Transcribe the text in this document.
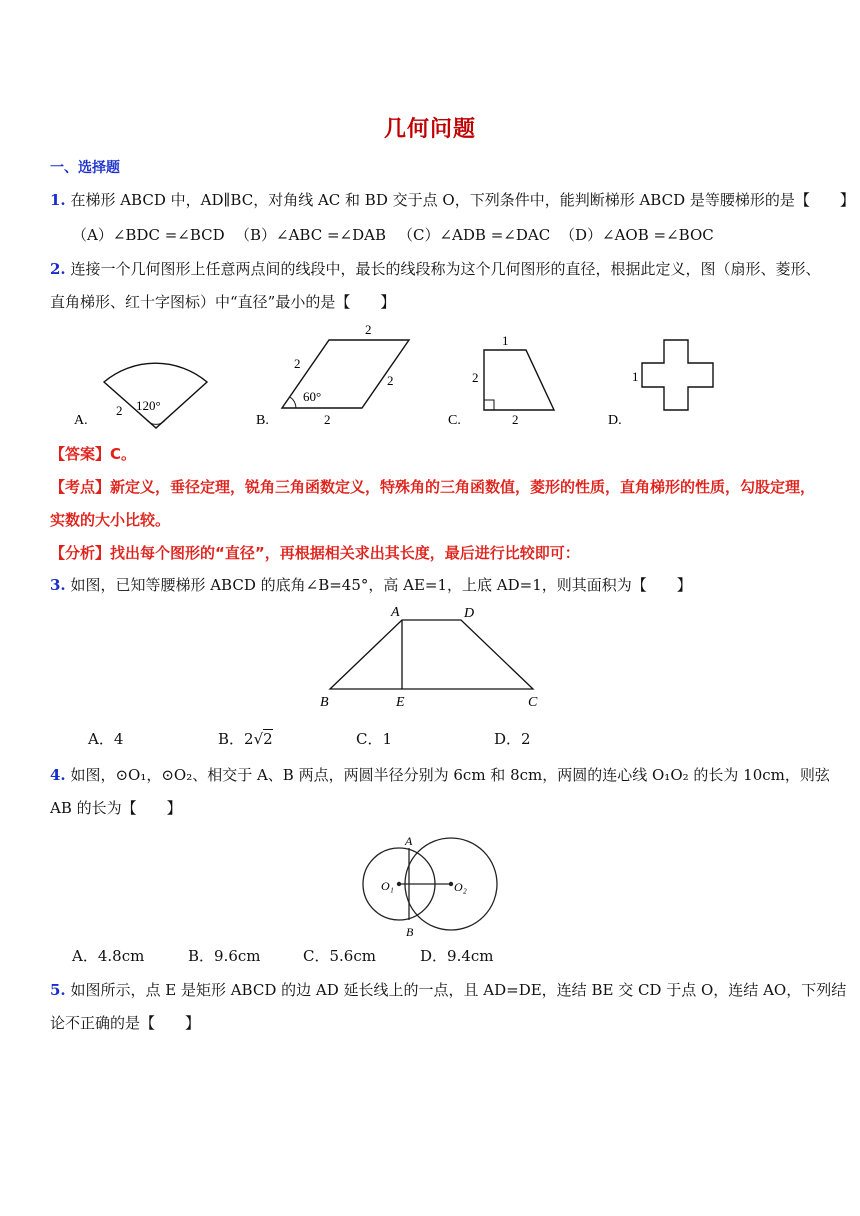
几何问题
一、选择题
1. 在梯形 ABCD 中，AD∥BC，对角线 AC 和 BD 交于点 O，下列条件中，能判断梯形 ABCD 是等腰梯形的是【　　】
（A）∠BDC =∠BCD （B）∠ABC =∠DAB （C）∠ADB =∠DAC （D）∠AOB =∠BOC
2. 连接一个几何图形上任意两点间的线段中，最长的线段称为这个几何图形的直径，根据此定义，图（扇形、菱形、
直角梯形、红十字图标）中“直径”最小的是【　　】
120°
2
A.
60°
2
2
2
2
B.
1
2
2
C.
1
D.
【答案】C。
【考点】新定义，垂径定理，锐角三角函数定义，特殊角的三角函数值，菱形的性质，直角梯形的性质，勾股定理，
实数的大小比较。
【分析】找出每个图形的“直径”，再根据相关求出其长度，最后进行比较即可：
3. 如图，已知等腰梯形 ABCD 的底角∠B=45°，高 AE=1，上底 AD=1，则其面积为【　　】
A	D
B	E	C
A．4	B．2√2	C．1	D．2
4. 如图，⊙O₁，⊙O₂、相交于 A、B 两点，两圆半径分别为 6cm 和 8cm，两圆的连心线 O₁O₂ 的长为 10cm，则弦
AB 的长为【　　】
A
B
O₁	O₂
A．4.8cm	B．9.6cm	C．5.6cm	D．9.4cm
5. 如图所示，点 E 是矩形 ABCD 的边 AD 延长线上的一点，且 AD=DE，连结 BE 交 CD 于点 O，连结 AO，下列结
论不正确的是【　　】
